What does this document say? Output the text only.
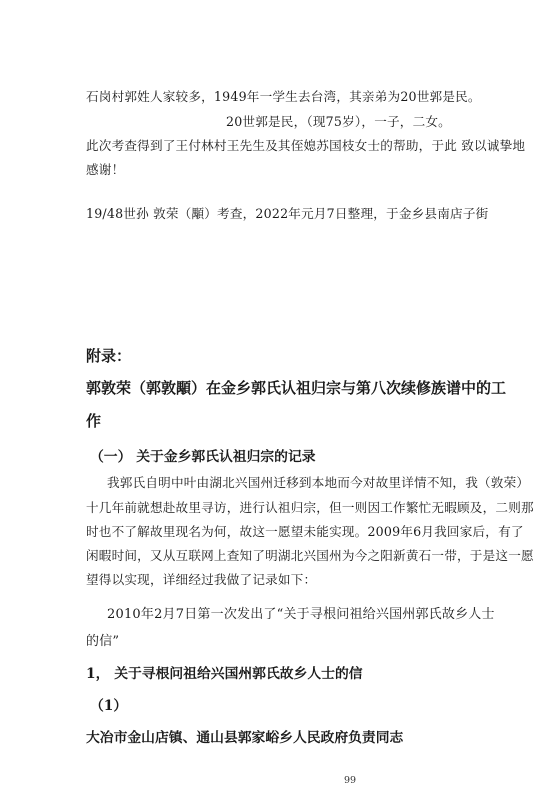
石岗村郭姓人家较多，1949年一学生去台湾，其亲弟为20世郭是民。
20世郭是民，（现75岁），一子，二女。
此次考查得到了王付林村王先生及其侄媳苏国枝女士的帮助，于此 致以诚挚地
感谢！
19/48世孙 敦荣（顒）考查，2022年元月7日整理，于金乡县南店子街
附录：
郭敦荣（郭敦顒）在金乡郭氏认祖归宗与第八次续修族谱中的工
作
（一） 关于金乡郭氏认祖归宗的记录
我郭氏自明中叶由湖北兴国州迁移到本地而今对故里详情不知，我（敦荣）
十几年前就想赴故里寻访，进行认祖归宗，但一则因工作繁忙无暇顾及，二则那
时也不了解故里现名为何，故这一愿望未能实现。2009年6月我回家后，有了
闲暇时间，又从互联网上查知了明湖北兴国州为今之阳新黄石一带，于是这一愿
望得以实现，详细经过我做了记录如下：
2010年2月7日第一次发出了“关于寻根问祖给兴国州郭氏故乡人士
的信”
1， 关于寻根问祖给兴国州郭氏故乡人士的信
（1）
大冶市金山店镇、通山县郭家峪乡人民政府负责同志
99
